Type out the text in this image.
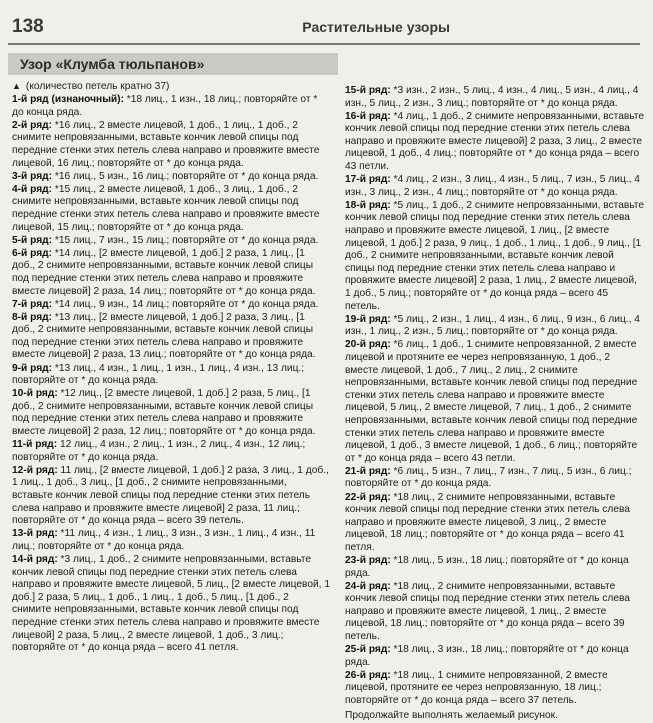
138	Растительные узоры
Узор «Клумба тюльпанов»
▲ (количество петель кратно 37)
1-й ряд (изнаночный): *18 лиц., 1 изн., 18 лиц.; повторяйте от * до конца ряда.
2-й ряд: *16 лиц., 2 вместе лицевой, 1 доб., 1 лиц., 1 доб., 2 снимите непровязанными, вставьте кончик левой спицы под передние стенки этих петель слева направо и провяжите вместе лицевой, 16 лиц.; повторяйте от * до конца ряда.
3-й ряд: *16 лиц., 5 изн., 16 лиц.; повторяйте от * до конца ряда.
4-й ряд: *15 лиц., 2 вместе лицевой, 1 доб., 3 лиц., 1 доб., 2 снимите непровязанными, вставьте кончик левой спицы под передние стенки этих петель слева направо и провяжите вместе лицевой, 15 лиц.; повторяйте от * до конца ряда.
5-й ряд: *15 лиц., 7 изн., 15 лиц.; повторяйте от * до конца ряда.
6-й ряд: *14 лиц., [2 вместе лицевой, 1 доб.] 2 раза, 1 лиц., [1 доб., 2 снимите непровязанными, вставьте кончик левой спицы под передние стенки этих петель слева направо и провяжите вместе лицевой] 2 раза, 14 лиц.; повторяйте от * до конца ряда.
7-й ряд: *14 лиц., 9 изн., 14 лиц.; повторяйте от * до конца ряда.
8-й ряд: *13 лиц., [2 вместе лицевой, 1 доб.] 2 раза, 3 лиц., [1 доб., 2 снимите непровязанными, вставьте кончик левой спицы под передние стенки этих петель слева направо и провяжите вместе лицевой] 2 раза, 13 лиц.; повторяйте от * до конца ряда.
9-й ряд: *13 лиц., 4 изн., 1 лиц., 1 изн., 1 лиц., 4 изн., 13 лиц.; повторяйте от * до конца ряда.
10-й ряд: *12 лиц., [2 вместе лицевой, 1 доб.] 2 раза, 5 лиц., [1 доб., 2 снимите непровязанными, вставьте кончик левой спицы под передние стенки этих петель слева направо и провяжите вместе лицевой] 2 раза, 12 лиц.; повторяйте от * до конца ряда.
11-й ряд: 12 лиц., 4 изн., 2 лиц., 1 изн., 2 лиц., 4 изн., 12 лиц.; повторяйте от * до конца ряда.
12-й ряд: 11 лиц., [2 вместе лицевой, 1 доб.] 2 раза, 3 лиц., 1 доб., 1 лиц., 1 доб., 3 лиц., [1 доб., 2 снимите непровязанными, вставьте кончик левой спицы под передние стенки этих петель слева направо и провяжите вместе лицевой] 2 раза, 11 лиц.; повторяйте от * до конца ряда – всего 39 петель.
13-й ряд: *11 лиц., 4 изн., 1 лиц., 3 изн., 3 изн., 1 лиц., 4 изн., 11 лиц.; повторяйте от * до конца ряда.
14-й ряд: *3 лиц., 1 доб., 2 снимите непровязанными, вставьте кончик левой спицы под передние стенки этих петель слева направо и провяжите вместе лицевой, 5 лиц., [2 вместе лицевой, 1 доб.] 2 раза, 5 лиц., 1 доб., 1 лиц., 1 доб., 5 лиц., [1 доб., 2 снимите непровязанными, вставьте кончик левой спицы под передние стенки этих петель слева направо и провяжите вместе лицевой] 2 раза, 5 лиц., 2 вместе лицевой, 1 доб., 3 лиц.; повторяйте от * до конца ряда – всего 41 петля.
15-й ряд: *3 изн., 2 изн., 5 лиц., 4 изн., 4 лиц., 5 изн., 4 лиц., 4 изн., 5 лиц., 2 изн., 3 лиц.; повторяйте от * до конца ряда.
16-й ряд: *4 лиц., 1 доб., 2 снимите непровязанными, вставьте кончик левой спицы под передние стенки этих петель слева направо и провяжите вместе лицевой] 2 раза, 3 лиц., 2 вместе лицевой, 1 доб., 4 лиц.; повторяйте от * до конца ряда – всего 43 петли.
17-й ряд: *4 лиц., 2 изн., 3 лиц., 4 изн., 5 лиц., 7 изн., 5 лиц., 4 изн., 3 лиц., 2 изн., 4 лиц.; повторяйте от * до конца ряда.
18-й ряд: *5 лиц., 1 доб., 2 снимите непровязанными, вставьте кончик левой спицы под передние стенки этих петель слева направо и провяжите вместе лицевой, 1 лиц., [2 вместе лицевой, 1 доб.] 2 раза, 9 лиц., 1 доб., 1 лиц., 1 доб., 9 лиц., [1 доб., 2 снимите непровязанными, вставьте кончик левой спицы под передние стенки этих петель слева направо и провяжите вместе лицевой] 2 раза, 1 лиц., 2 вместе лицевой, 1 доб., 5 лиц.; повторяйте от * до конца ряда – всего 45 петель.
19-й ряд: *5 лиц., 2 изн., 1 лиц., 4 изн., 6 лиц., 9 изн., 6 лиц., 4 изн., 1 лиц., 2 изн., 5 лиц.; повторяйте от * до конца ряда.
20-й ряд: *6 лиц., 1 доб., 1 снимите непровязанной, 2 вместе лицевой и протяните ее через непровязанную, 1 доб., 2 вместе лицевой, 1 доб., 7 лиц., 2 лиц., 2 снимите непровязанными, вставьте кончик левой спицы под передние стенки этих петель слева направо и провяжите вместе лицевой, 5 лиц., 2 вместе лицевой, 7 лиц., 1 доб., 2 снимите непровязанными, вставьте кончик левой спицы под передние стенки этих петель слева направо и провяжите вместе лицевой, 1 доб., 3 вместе лицевой, 1 доб., 6 лиц.; повторяйте от * до конца ряда – всего 43 петли.
21-й ряд: *6 лиц., 5 изн., 7 лиц., 7 изн., 7 лиц., 5 изн., 6 лиц.; повторяйте от * до конца ряда.
22-й ряд: *18 лиц., 2 снимите непровязанными, вставьте кончик левой спицы под передние стенки этих петель слева направо и провяжите вместе лицевой, 3 лиц., 2 вместе лицевой, 18 лиц.; повторяйте от * до конца ряда – всего 41 петля.
23-й ряд: *18 лиц., 5 изн., 18 лиц.; повторяйте от * до конца ряда.
24-й ряд: *18 лиц., 2 снимите непровязанными, вставьте кончик левой спицы под передние стенки этих петель слева направо и провяжите вместе лицевой, 1 лиц., 2 вместе лицевой, 18 лиц.; повторяйте от * до конца ряда – всего 39 петель.
25-й ряд: *18 лиц., 3 изн., 18 лиц.; повторяйте от * до конца ряда.
26-й ряд: *18 лиц., 1 снимите непровязанной, 2 вместе лицевой, протяните ее через непровязанную, 18 лиц.; повторяйте от * до конца ряда – всего 37 петель.
Продолжайте выполнять желаемый рисунок.
